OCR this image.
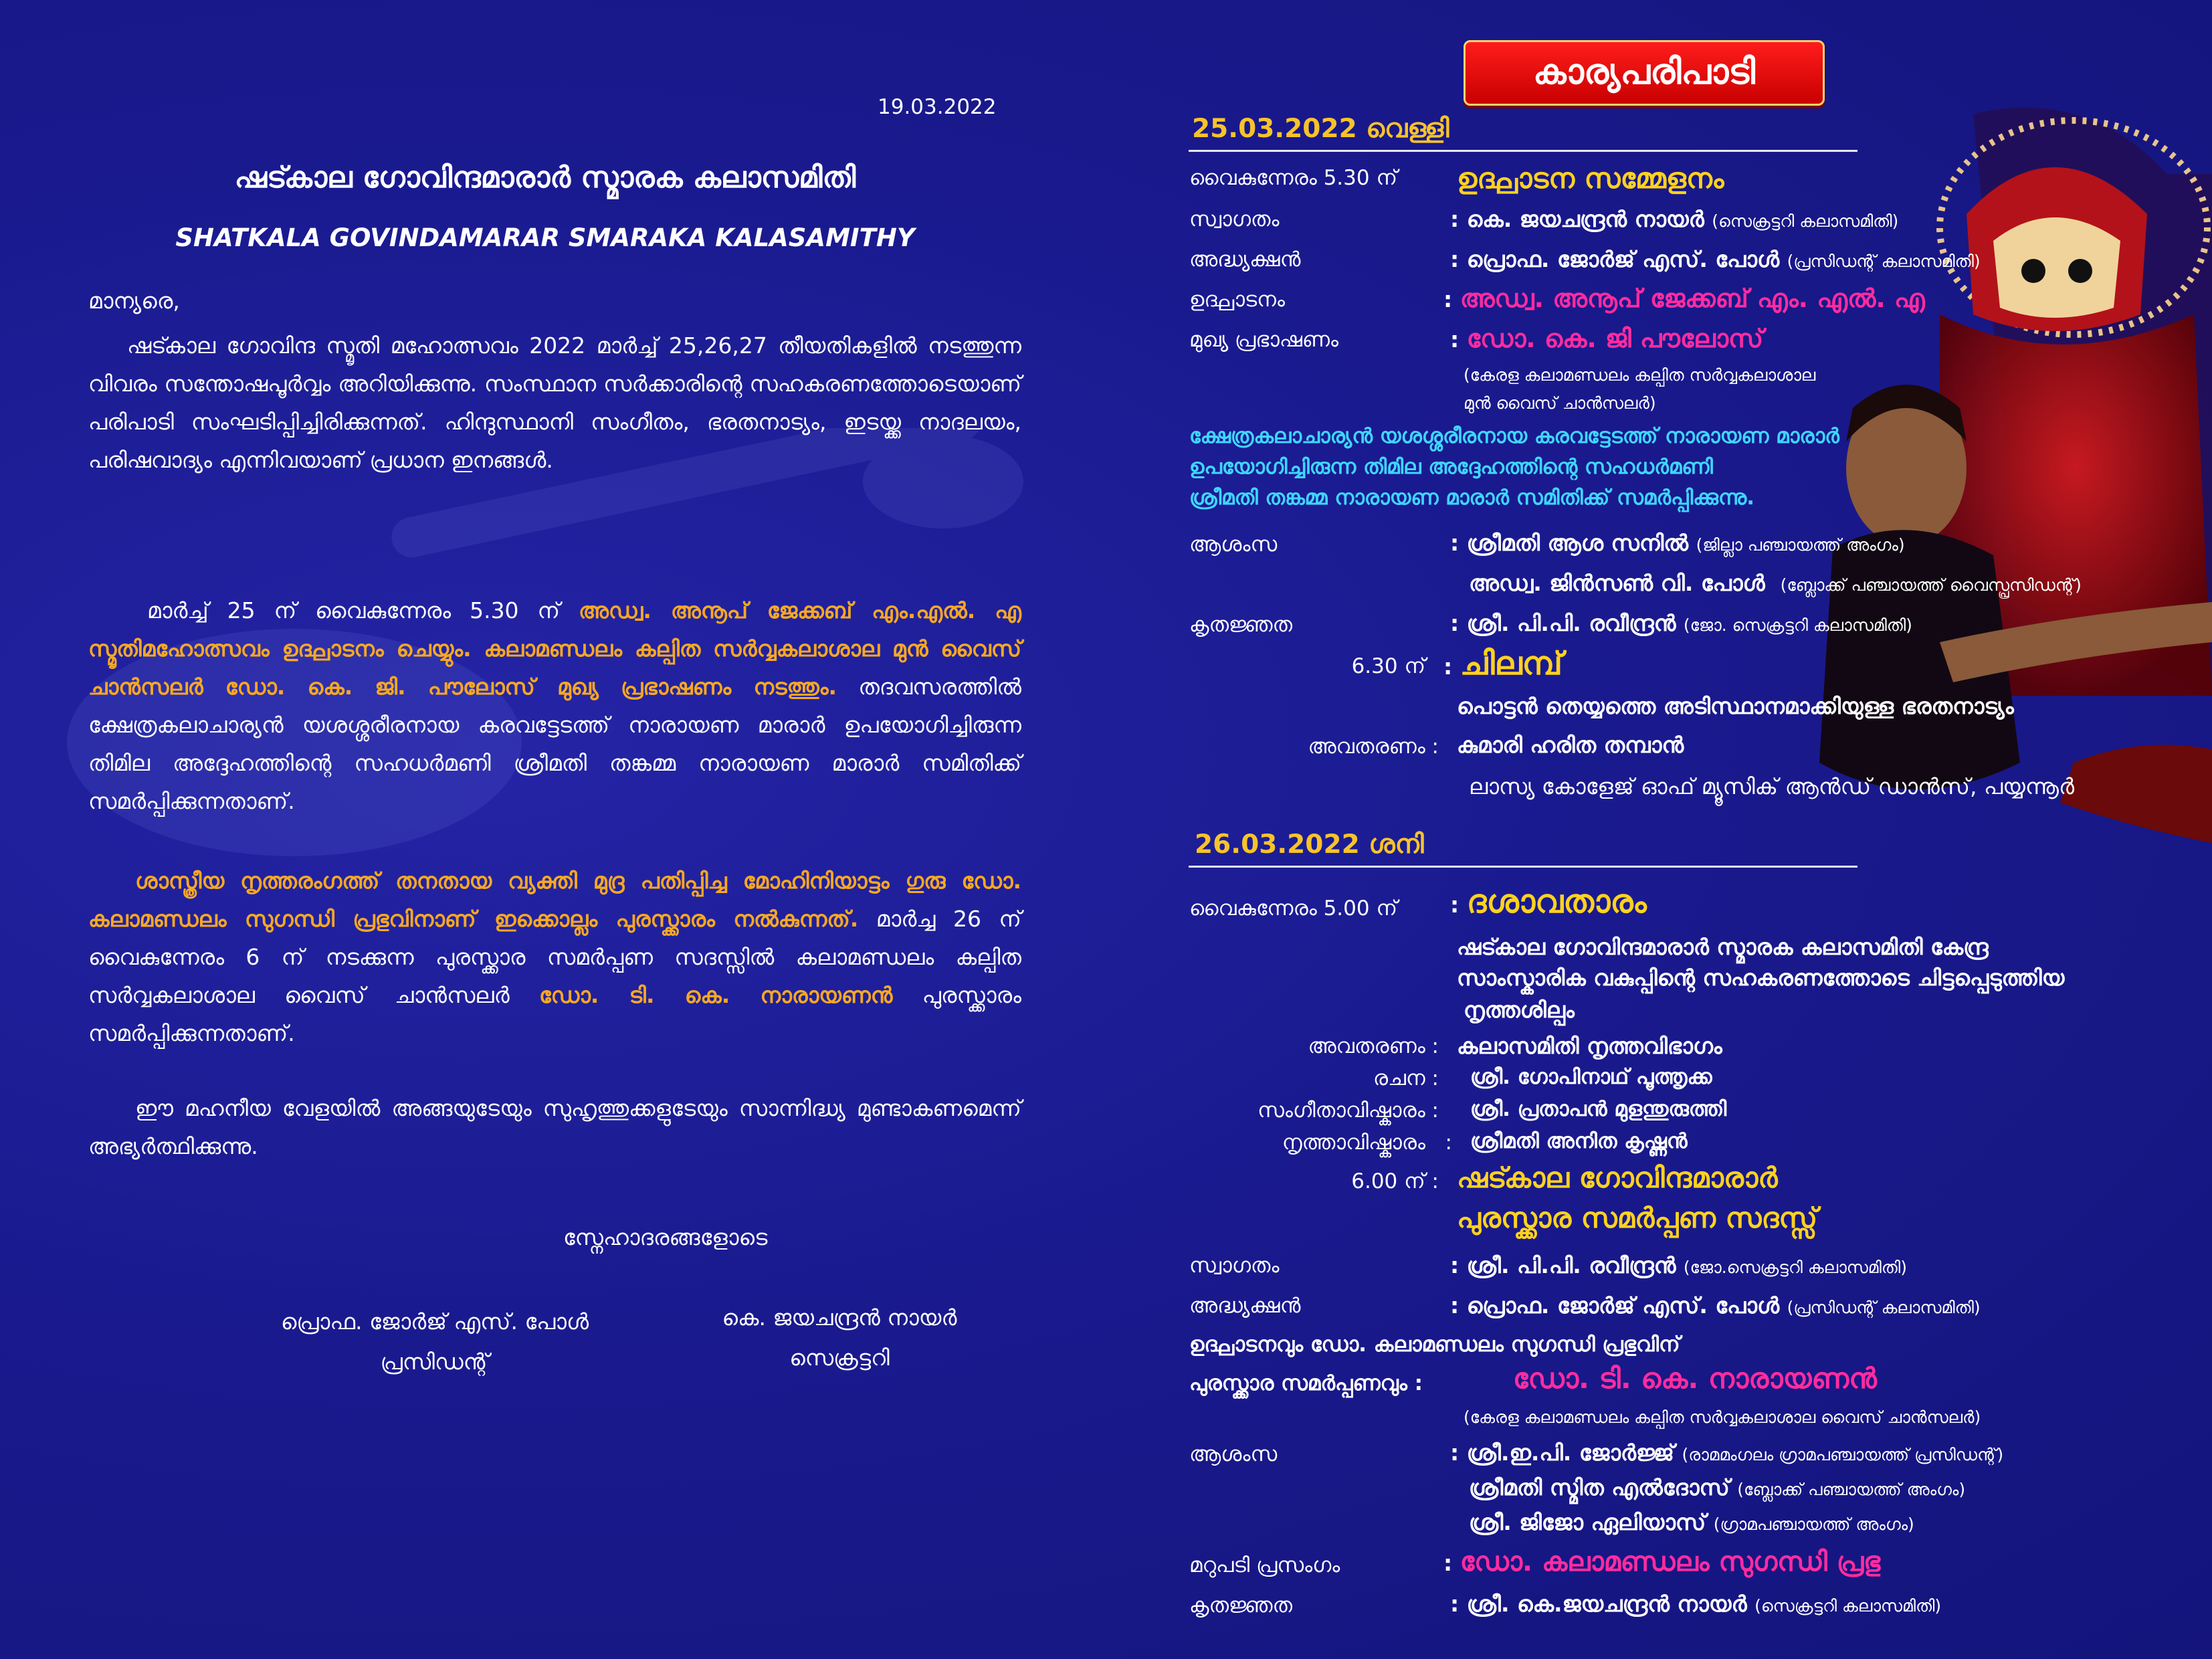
19.03.2022
ഷട്കാല ഗോവിന്ദമാരാർ സ്മാരക കലാസമിതി
SHATKALA GOVINDAMARAR SMARAKA KALASAMITHY
മാന്യരെ,
ഷട്കാല ഗോവിന്ദ സ്മൃതി മഹോത്സവം 2022 മാർച്ച് 25,26,27 തീയതികളിൽ നടത്തുന്ന വിവരം സന്തോഷപൂർവ്വം അറിയിക്കുന്നു. സംസ്ഥാന സർക്കാരിന്റെ സഹകരണത്തോടെയാണ് പരിപാടി സംഘടിപ്പിച്ചിരിക്കുന്നത്. ഹിന്ദുസ്ഥാനി സംഗീതം, ഭരതനാട്യം, ഇടയ്ക്ക നാദലയം, പരിഷവാദ്യം എന്നിവയാണ് പ്രധാന ഇനങ്ങൾ.
മാർച്ച് 25 ന് വൈകുന്നേരം 5.30 ന് അഡ്വ. അനൂപ് ജേക്കബ് എം.എൽ. എ സ്മൃതിമഹോത്സവം ഉദ്ഘാടനം ചെയ്യും. കലാമണ്ഡലം കല്പിത സർവ്വകലാശാല മുൻ വൈസ് ചാൻസലർ ഡോ. കെ. ജി. പൗലോസ് മുഖ്യ പ്രഭാഷണം നടത്തും. തദവസരത്തിൽ ക്ഷേത്രകലാചാര്യൻ യശശ്ശരീരനായ കരവട്ടേടത്ത് നാരായണ മാരാർ ഉപയോഗിച്ചിരുന്ന തിമില അദ്ദേഹത്തിന്റെ സഹധർമണി ശ്രീമതി തങ്കമ്മ നാരായണ മാരാർ സമിതിക്ക് സമർപ്പിക്കുന്നതാണ്.
ശാസ്ത്രീയ നൃത്തരംഗത്ത് തനതായ വ്യക്തി മുദ്ര പതിപ്പിച്ച മോഹിനിയാട്ടം ഗുരു ഡോ. കലാമണ്ഡലം സുഗന്ധി പ്രഭുവിനാണ് ഇക്കൊല്ലം പുരസ്ക്കാരം നൽകുന്നത്. മാർച്ച 26 ന് വൈകുന്നേരം 6 ന് നടക്കുന്ന പുരസ്ക്കാര സമർപ്പണ സദസ്സിൽ കലാമണ്ഡലം കല്പിത സർവ്വകലാശാല വൈസ് ചാൻസലർ ഡോ. ടി. കെ. നാരായണൻ പുരസ്ക്കാരം സമർപ്പിക്കുന്നതാണ്.
ഈ മഹനീയ വേളയിൽ അങ്ങയുടേയും സുഹൃത്തുക്കളുടേയും സാന്നിദ്ധ്യ മുണ്ടാകണമെന്ന് അഭ്യർത്ഥിക്കുന്നു.
സ്നേഹാദരങ്ങളോടെ
പ്രൊഫ. ജോർജ് എസ്. പോൾ
പ്രസിഡന്റ്
കെ. ജയചന്ദ്രൻ നായർ
സെക്രട്ടറി
കാര്യപരിപാടി
25.03.2022 വെള്ളി
വൈകുന്നേരം 5.30 ന് ഉദ്ഘാടന സമ്മേളനം
സ്വാഗതം	: കെ. ജയചന്ദ്രൻ നായർ (സെക്രട്ടറി കലാസമിതി)
അദ്ധ്യക്ഷൻ	: പ്രൊഫ. ജോർജ് എസ്. പോൾ (പ്രസിഡന്റ് കലാസമിതി)
ഉദ്ഘാടനം	: അഡ്വ. അനൂപ് ജേക്കബ് എം. എൽ. എ
മുഖ്യ പ്രഭാഷണം	: ഡോ. കെ. ജി പൗലോസ്
(കേരള കലാമണ്ഡലം കല്പിത സർവ്വകലാശാല
മുൻ വൈസ് ചാൻസലർ)
ക്ഷേത്രകലാചാര്യൻ യശശ്ശരീരനായ കരവട്ടേടത്ത് നാരായണ മാരാർ
ഉപയോഗിച്ചിരുന്ന തിമില അദ്ദേഹത്തിന്റെ സഹധർമണി
ശ്രീമതി തങ്കമ്മ നാരായണ മാരാർ സമിതിക്ക് സമർപ്പിക്കുന്നു.
ആശംസ	: ശ്രീമതി ആശ സനിൽ (ജില്ലാ പഞ്ചായത്ത് അംഗം)
അഡ്വ. ജിൻസൺ വി. പോൾ (ബ്ലോക്ക് പഞ്ചായത്ത് വൈസ്പ്രസിഡന്റ്)
കൃതജ്ഞത	: ശ്രീ. പി.പി. രവീന്ദ്രൻ (ജോ. സെക്രട്ടറി കലാസമിതി)
6.30 ന് : ചിലമ്പ്
പൊട്ടൻ തെയ്യത്തെ അടിസ്ഥാനമാക്കിയുള്ള ഭരതനാട്യം
അവതരണം : കുമാരി ഹരിത തമ്പാൻ
ലാസ്യ കോളേജ് ഓഫ് മ്യൂസിക് ആൻഡ് ഡാൻസ്, പയ്യന്നൂർ
26.03.2022 ശനി
വൈകുന്നേരം 5.00 ന് : ദശാവതാരം
ഷട്കാല ഗോവിന്ദമാരാർ സ്മാരക കലാസമിതി കേന്ദ്ര
സാംസ്കാരിക വകുപ്പിന്റെ സഹകരണത്തോടെ ചിട്ടപ്പെടുത്തിയ
നൃത്തശില്പം
അവതരണം : കലാസമിതി നൃത്തവിഭാഗം
രചന : ശ്രീ. ഗോപിനാഥ് പൂത്തൃക്ക
സംഗീതാവിഷ്കാരം : ശ്രീ. പ്രതാപൻ മുളന്തുരുത്തി
നൃത്താവിഷ്കാരം   : ശ്രീമതി അനിത കൃഷ്ണൻ
6.00 ന് : ഷട്കാല ഗോവിന്ദമാരാർ
പുരസ്ക്കാര സമർപ്പണ സദസ്സ്
സ്വാഗതം	: ശ്രീ. പി.പി. രവീന്ദ്രൻ (ജോ.സെക്രട്ടറി കലാസമിതി)
അദ്ധ്യക്ഷൻ	: പ്രൊഫ. ജോർജ് എസ്. പോൾ (പ്രസിഡന്റ് കലാസമിതി)
ഉദ്ഘാടനവും ഡോ. കലാമണ്ഡലം സുഗന്ധി പ്രഭുവിന്
പുരസ്ക്കാര സമർപ്പണവും :	ഡോ. ടി. കെ. നാരായണൻ
(കേരള കലാമണ്ഡലം കല്പിത സർവ്വകലാശാല വൈസ് ചാൻസലർ)
ആശംസ	: ശ്രീ.ഇ.പി. ജോർജ്ജ് (രാമമംഗലം ഗ്രാമപഞ്ചായത്ത് പ്രസിഡന്റ്)
ശ്രീമതി സ്മിത എൽദോസ് (ബ്ലോക്ക് പഞ്ചായത്ത് അംഗം)
ശ്രീ. ജിജോ ഏലിയാസ് (ഗ്രാമപഞ്ചായത്ത് അംഗം)
മറുപടി പ്രസംഗം	: ഡോ. കലാമണ്ഡലം സുഗന്ധി പ്രഭു
കൃതജ്ഞത	: ശ്രീ. കെ.ജയചന്ദ്രൻ നായർ (സെക്രട്ടറി കലാസമിതി)
